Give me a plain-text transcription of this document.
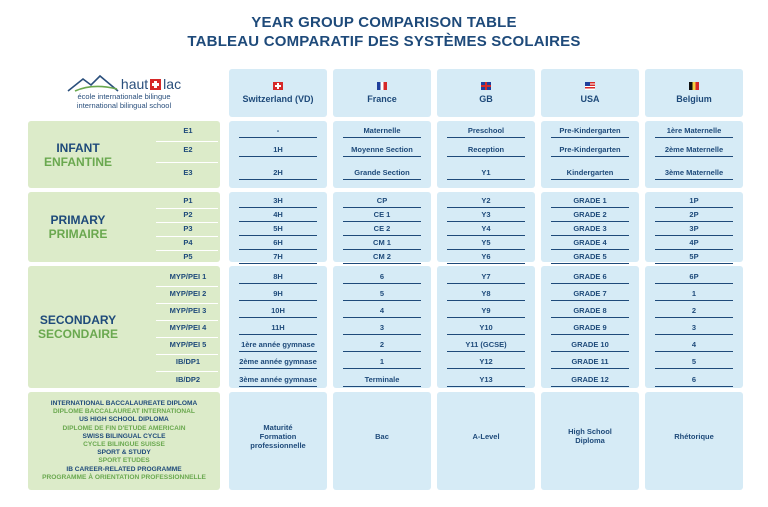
YEAR GROUP COMPARISON TABLE
TABLEAU COMPARATIF DES SYSTÈMES SCOLAIRES
haut lac
école internationale bilingue
international bilingual school
INFANT
ENFANTINE
E1
E2
E3
PRIMARY
PRIMAIRE
P1
P2
P3
P4
P5
SECONDARY
SECONDAIRE
MYP/PEI 1
MYP/PEI 2
MYP/PEI 3
MYP/PEI 4
MYP/PEI 5
IB/DP1
IB/DP2
INTERNATIONAL BACCALAUREATE DIPLOMA
DIPLOME BACCALAUREAT INTERNATIONAL
US HIGH SCHOOL DIPLOMA
DIPLOME DE FIN D'ETUDE AMERICAIN
SWISS BILINGUAL CYCLE
CYCLE BILINGUE SUISSE
SPORT & STUDY
SPORT ETUDES
IB CAREER-RELATED PROGRAMME
PROGRAMME À ORIENTATION PROFESSIONNELLE
Switzerland (VD)
-
1H
2H
3H
4H
5H
6H
7H
8H
9H
10H
11H
1ère année gymnase
2ème année gymnase
3ème année gymnase
Maturité
Formation
professionnelle
France
Maternelle
Moyenne Section
Grande Section
CP
CE 1
CE 2
CM 1
CM 2
6
5
4
3
2
1
Terminale
Bac
GB
Preschool
Reception
Y1
Y2
Y3
Y4
Y5
Y6
Y7
Y8
Y9
Y10
Y11 (GCSE)
Y12
Y13
A-Level
USA
Pre-Kindergarten
Pre-Kindergarten
Kindergarten
GRADE 1
GRADE 2
GRADE 3
GRADE 4
GRADE 5
GRADE 6
GRADE 7
GRADE 8
GRADE 9
GRADE 10
GRADE 11
GRADE 12
High School
Diploma
Belgium
1ère Maternelle
2ème Maternelle
3ème Maternelle
1P
2P
3P
4P
5P
6P
1
2
3
4
5
6
Rhétorique
